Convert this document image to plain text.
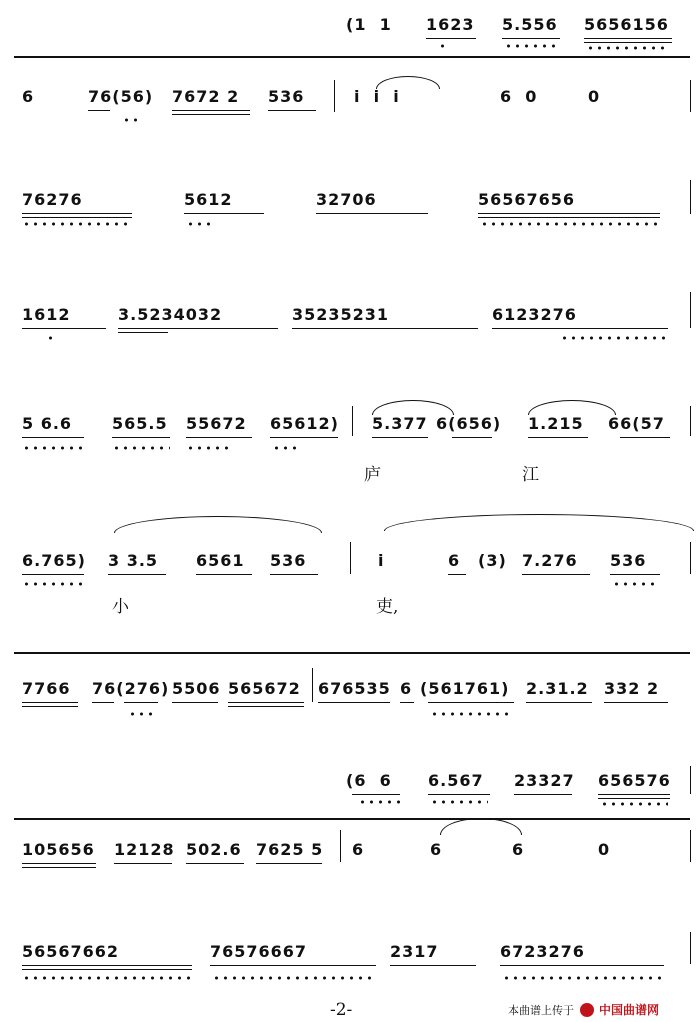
(1  1 1623 5.556 5656156
6	76(56) 7672 2 536	i  i  i	6  0	0
76276	5612	32706	56567656
1612	3.5234032	35235231	6123276
5 6.6 565.5 55672 65612) 5.377 6(656) 1.215 66(57
庐	江
6.765) 3 3.5 6561 536	i	6 (3) 7.276 536
小	吏,
7766 76(276) 5506 565672 676535 6 (561761) 2.31.2 332 2
(6  6 6.567 23327 656576
105656 12128 502.6 7625 5 6	6	6	0
56567662	76576667	2317	6723276
-2-	本曲谱上传于 中国曲谱网
